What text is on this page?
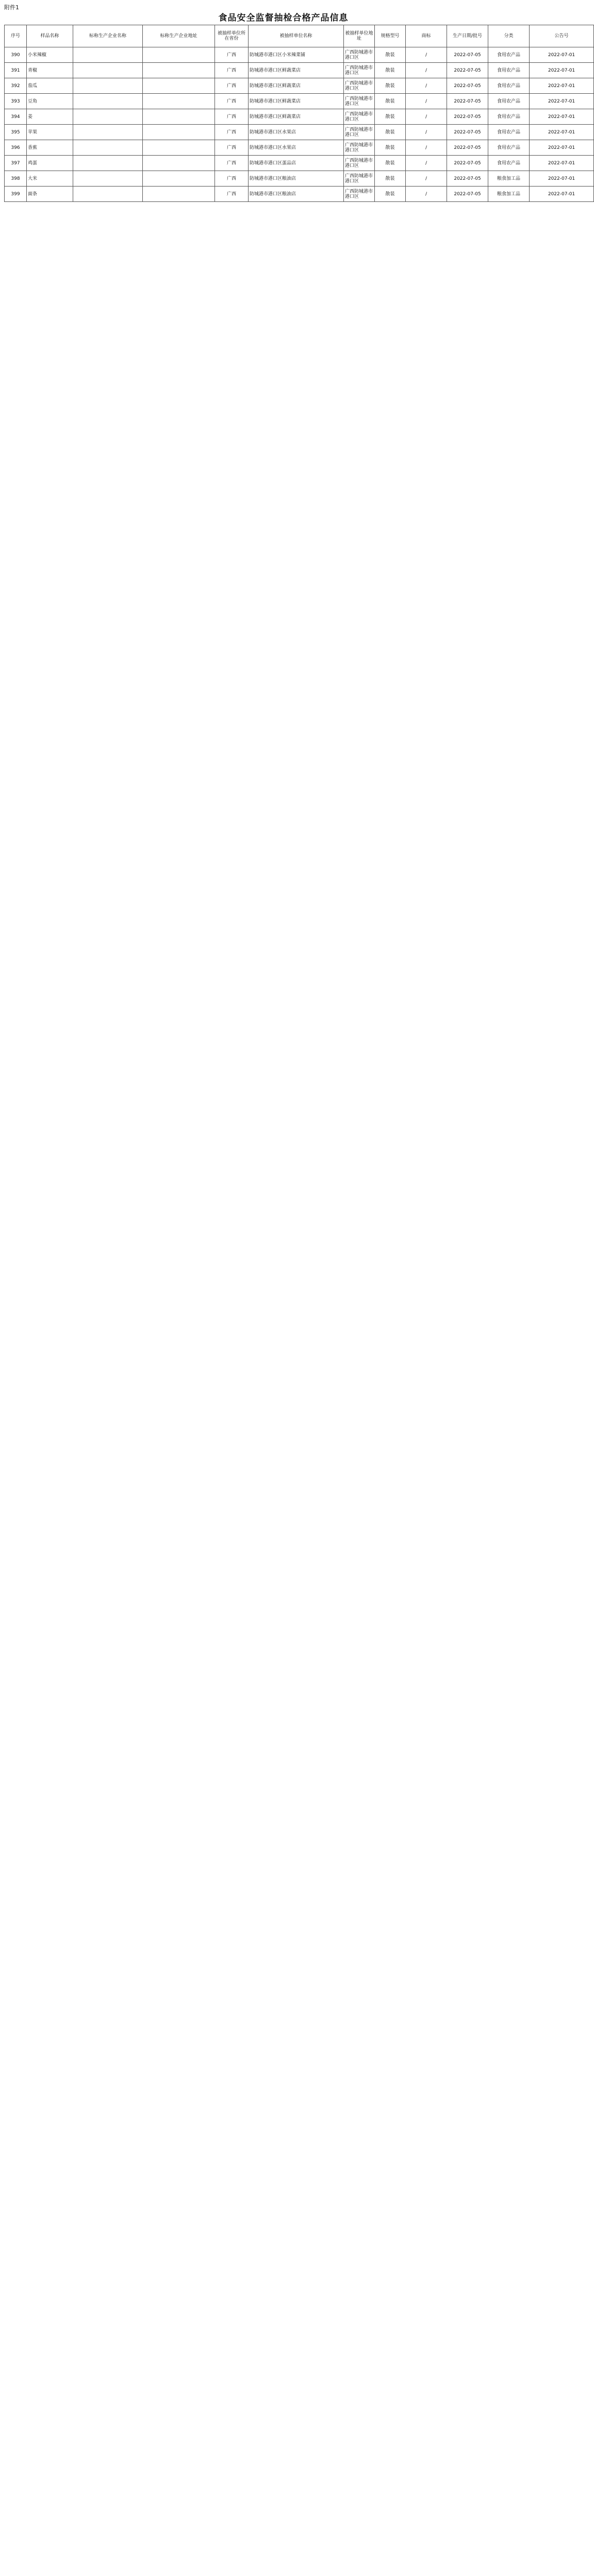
附件1
食品安全监督抽检合格产品信息
序号	样品名称	标称生产企业名称	标称生产企业地址	被抽样单位所在省份	被抽样单位名称	被抽样单位地址	规格型号	商标	生产日期/批号	分类	公告号
390	小米辣椒			广西	防城港市港口区小米辣菜铺	广西防城港市港口区	散装	/	2022-07-05	食用农产品	2022-07-01
391	青椒			广西	防城港市港口区鲜蔬菜店	广西防城港市港口区	散装	/	2022-07-05	食用农产品	2022-07-01
392	茄瓜			广西	防城港市港口区鲜蔬菜店	广西防城港市港口区	散装	/	2022-07-05	食用农产品	2022-07-01
393	豆角			广西	防城港市港口区鲜蔬菜店	广西防城港市港口区	散装	/	2022-07-05	食用农产品	2022-07-01
394	姜			广西	防城港市港口区鲜蔬菜店	广西防城港市港口区	散装	/	2022-07-05	食用农产品	2022-07-01
395	苹果			广西	防城港市港口区水果店	广西防城港市港口区	散装	/	2022-07-05	食用农产品	2022-07-01
396	香蕉			广西	防城港市港口区水果店	广西防城港市港口区	散装	/	2022-07-05	食用农产品	2022-07-01
397	鸡蛋			广西	防城港市港口区蛋品店	广西防城港市港口区	散装	/	2022-07-05	食用农产品	2022-07-01
398	大米			广西	防城港市港口区粮油店	广西防城港市港口区	散装	/	2022-07-05	粮食加工品	2022-07-01
399	面条			广西	防城港市港口区粮油店	广西防城港市港口区	散装	/	2022-07-05	粮食加工品	2022-07-01
